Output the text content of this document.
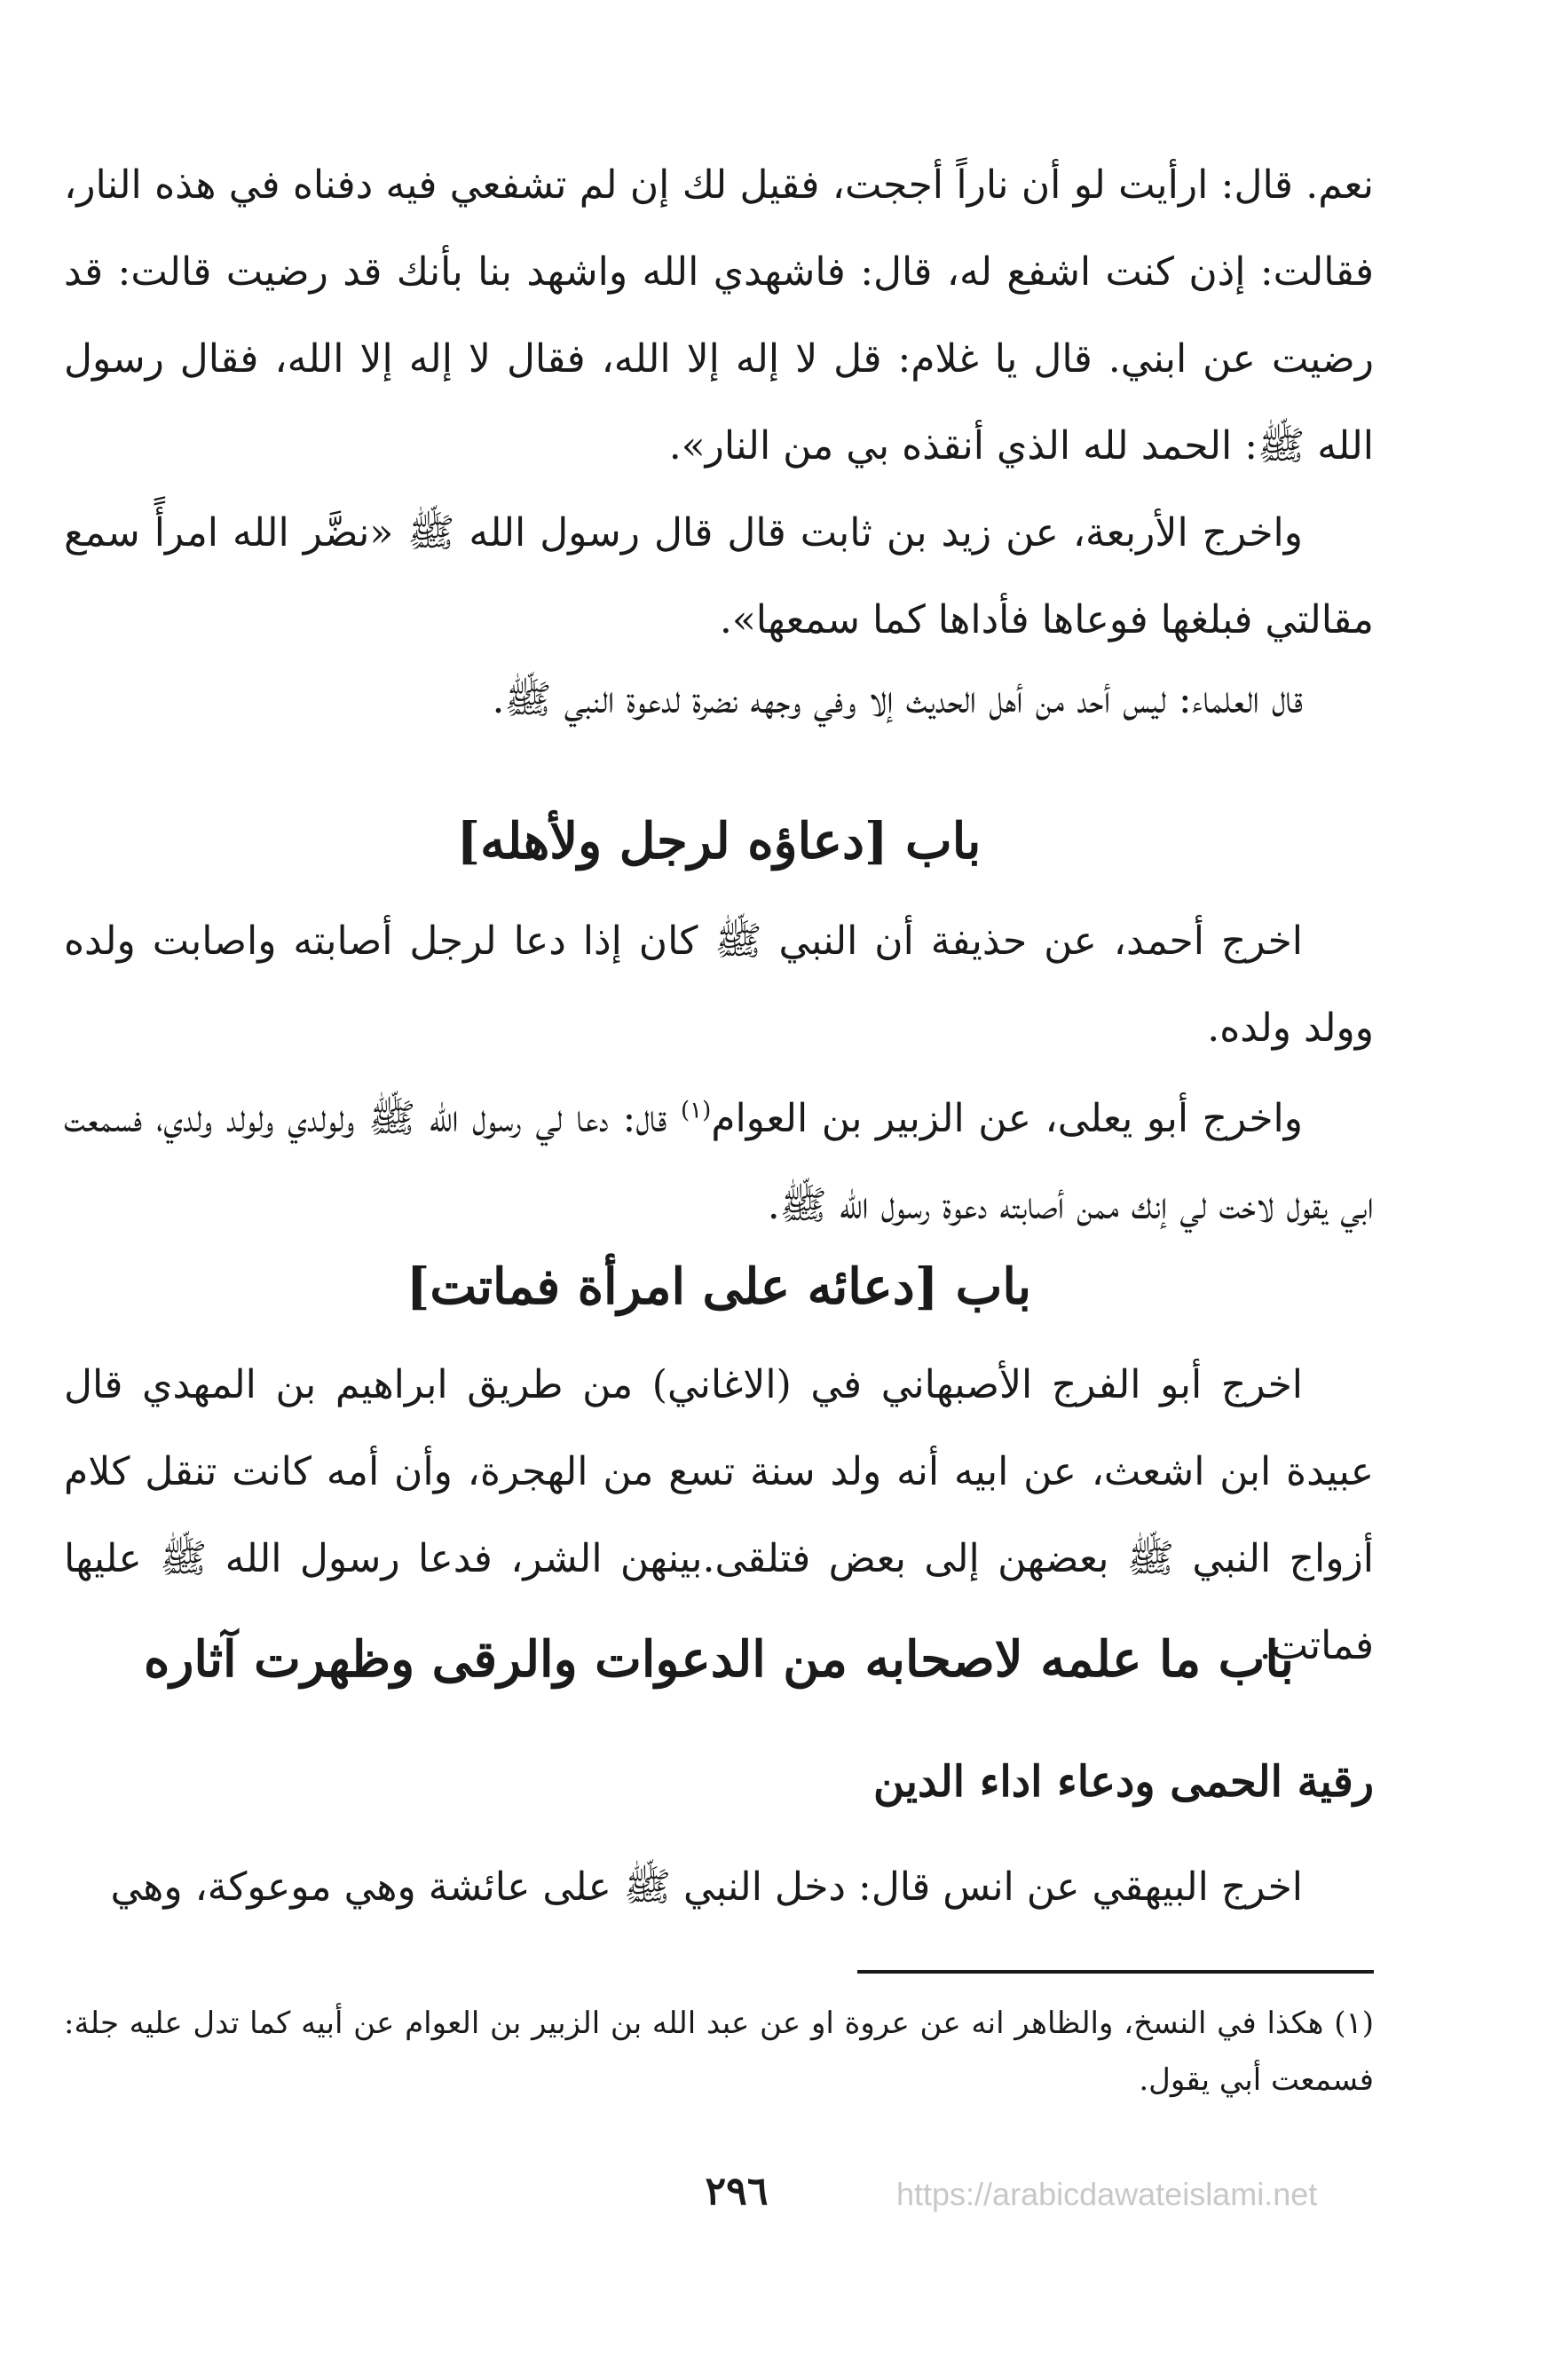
نعم. قال: ارأيت لو أن ناراً أججت، فقيل لك إن لم تشفعي فيه دفناه في هذه النار، فقالت: إذن كنت اشفع له، قال: فاشهدي الله واشهد بنا بأنك قد رضيت قالت: قد رضيت عن ابني. قال يا غلام: قل لا إله إلا الله، فقال لا إله إلا الله، فقال رسول الله ﷺ: الحمد لله الذي أنقذه بي من النار».

واخرج الأربعة، عن زيد بن ثابت قال قال رسول الله ﷺ «نضَّر الله امرأً سمع مقالتي فبلغها فوعاها فأداها كما سمعها».

قال العلماء: ليس أحد من أهل الحديث إلا وفي وجهه نضرة لدعوة النبي ﷺ.

باب [دعاؤه لرجل ولأهله]

اخرج أحمد، عن حذيفة أن النبي ﷺ كان إذا دعا لرجل أصابته واصابت ولده وولد ولده.

واخرج أبو يعلى، عن الزبير بن العوام$^{(١)}$ قال: دعا لي رسول الله ﷺ ولولدي ولولد ولدي، فسمعت ابي يقول لاخت لي إنك ممن أصابته دعوة رسول الله ﷺ.

باب [دعائه على امرأة فماتت]

اخرج أبو الفرج الأصبهاني في (الاغاني) من طريق ابراهيم بن المهدي قال عبيدة ابن اشعث، عن ابيه أنه ولد سنة تسع من الهجرة، وأن أمه كانت تنقل كلام أزواج النبي ﷺ بعضهن إلى بعض فتلقى.بينهن الشر، فدعا رسول الله ﷺ عليها فماتت.

باب ما علمه لاصحابه من الدعوات والرقى وظهرت آثاره
رقية الحمى ودعاء اداء الدين

اخرج البيهقي عن انس قال: دخل النبي ﷺ على عائشة وهي موعوكة، وهي

(١) هكذا في النسخ، والظاهر انه عن عروة او عن عبد الله بن الزبير بن العوام عن أبيه كما تدل عليه جلة: فسمعت أبي يقول.

٢٩٦	https://arabicdawateislami.net
